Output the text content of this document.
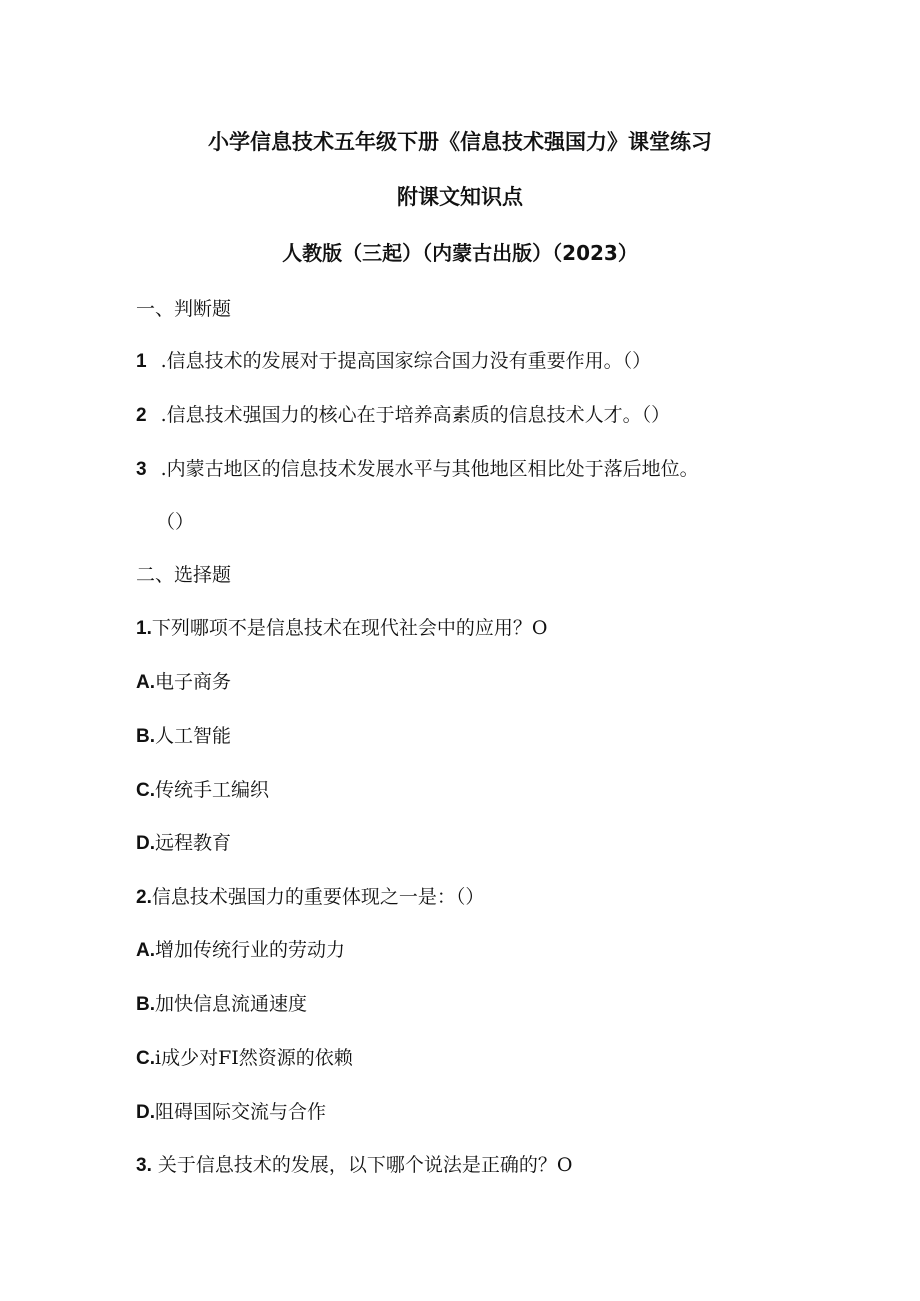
小学信息技术五年级下册《信息技术强国力》课堂练习
附课文知识点
人教版（三起）（内蒙古出版）（2023）
一、判断题
1 .信息技术的发展对于提高国家综合国力没有重要作用。（）
2 .信息技术强国力的核心在于培养高素质的信息技术人才。（）
3 .内蒙古地区的信息技术发展水平与其他地区相比处于落后地位。
（）
二、选择题
1.下列哪项不是信息技术在现代社会中的应用？O
A.电子商务
B.人工智能
C.传统手工编织
D.远程教育
2.信息技术强国力的重要体现之一是：（）
A.增加传统行业的劳动力
B.加快信息流通速度
C.i成少对FI然资源的依赖
D.阻碍国际交流与合作
3. 关于信息技术的发展，以下哪个说法是正确的？O
